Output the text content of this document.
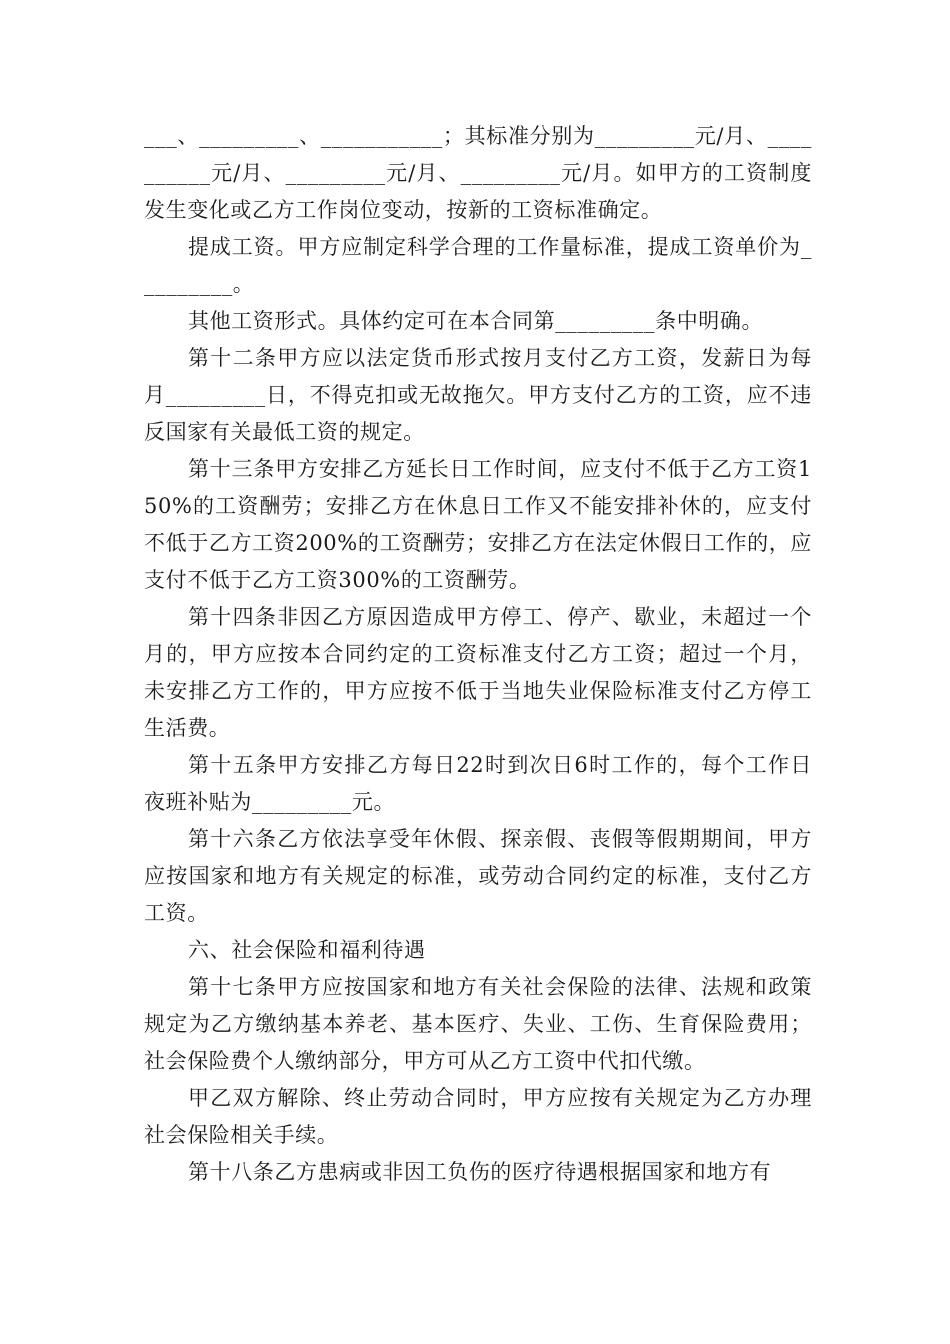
___、_________、___________；其标准分别为_________元/月、__________元/月、_________元/月、_________元/月。如甲方的工资制度发生变化或乙方工作岗位变动，按新的工资标准确定。

提成工资。甲方应制定科学合理的工作量标准，提成工资单价为_________。

其他工资形式。具体约定可在本合同第_________条中明确。

第十二条甲方应以法定货币形式按月支付乙方工资，发薪日为每月_________日，不得克扣或无故拖欠。甲方支付乙方的工资，应不违反国家有关最低工资的规定。

第十三条甲方安排乙方延长日工作时间，应支付不低于乙方工资150%的工资酬劳；安排乙方在休息日工作又不能安排补休的，应支付不低于乙方工资200%的工资酬劳；安排乙方在法定休假日工作的，应支付不低于乙方工资300%的工资酬劳。

第十四条非因乙方原因造成甲方停工、停产、歇业，未超过一个月的，甲方应按本合同约定的工资标准支付乙方工资；超过一个月，未安排乙方工作的，甲方应按不低于当地失业保险标准支付乙方停工生活费。

第十五条甲方安排乙方每日22时到次日6时工作的，每个工作日夜班补贴为_________元。

第十六条乙方依法享受年休假、探亲假、丧假等假期期间，甲方应按国家和地方有关规定的标准，或劳动合同约定的标准，支付乙方工资。

六、社会保险和福利待遇

第十七条甲方应按国家和地方有关社会保险的法律、法规和政策规定为乙方缴纳基本养老、基本医疗、失业、工伤、生育保险费用；社会保险费个人缴纳部分，甲方可从乙方工资中代扣代缴。

甲乙双方解除、终止劳动合同时，甲方应按有关规定为乙方办理社会保险相关手续。

第十八条乙方患病或非因工负伤的医疗待遇根据国家和地方有
